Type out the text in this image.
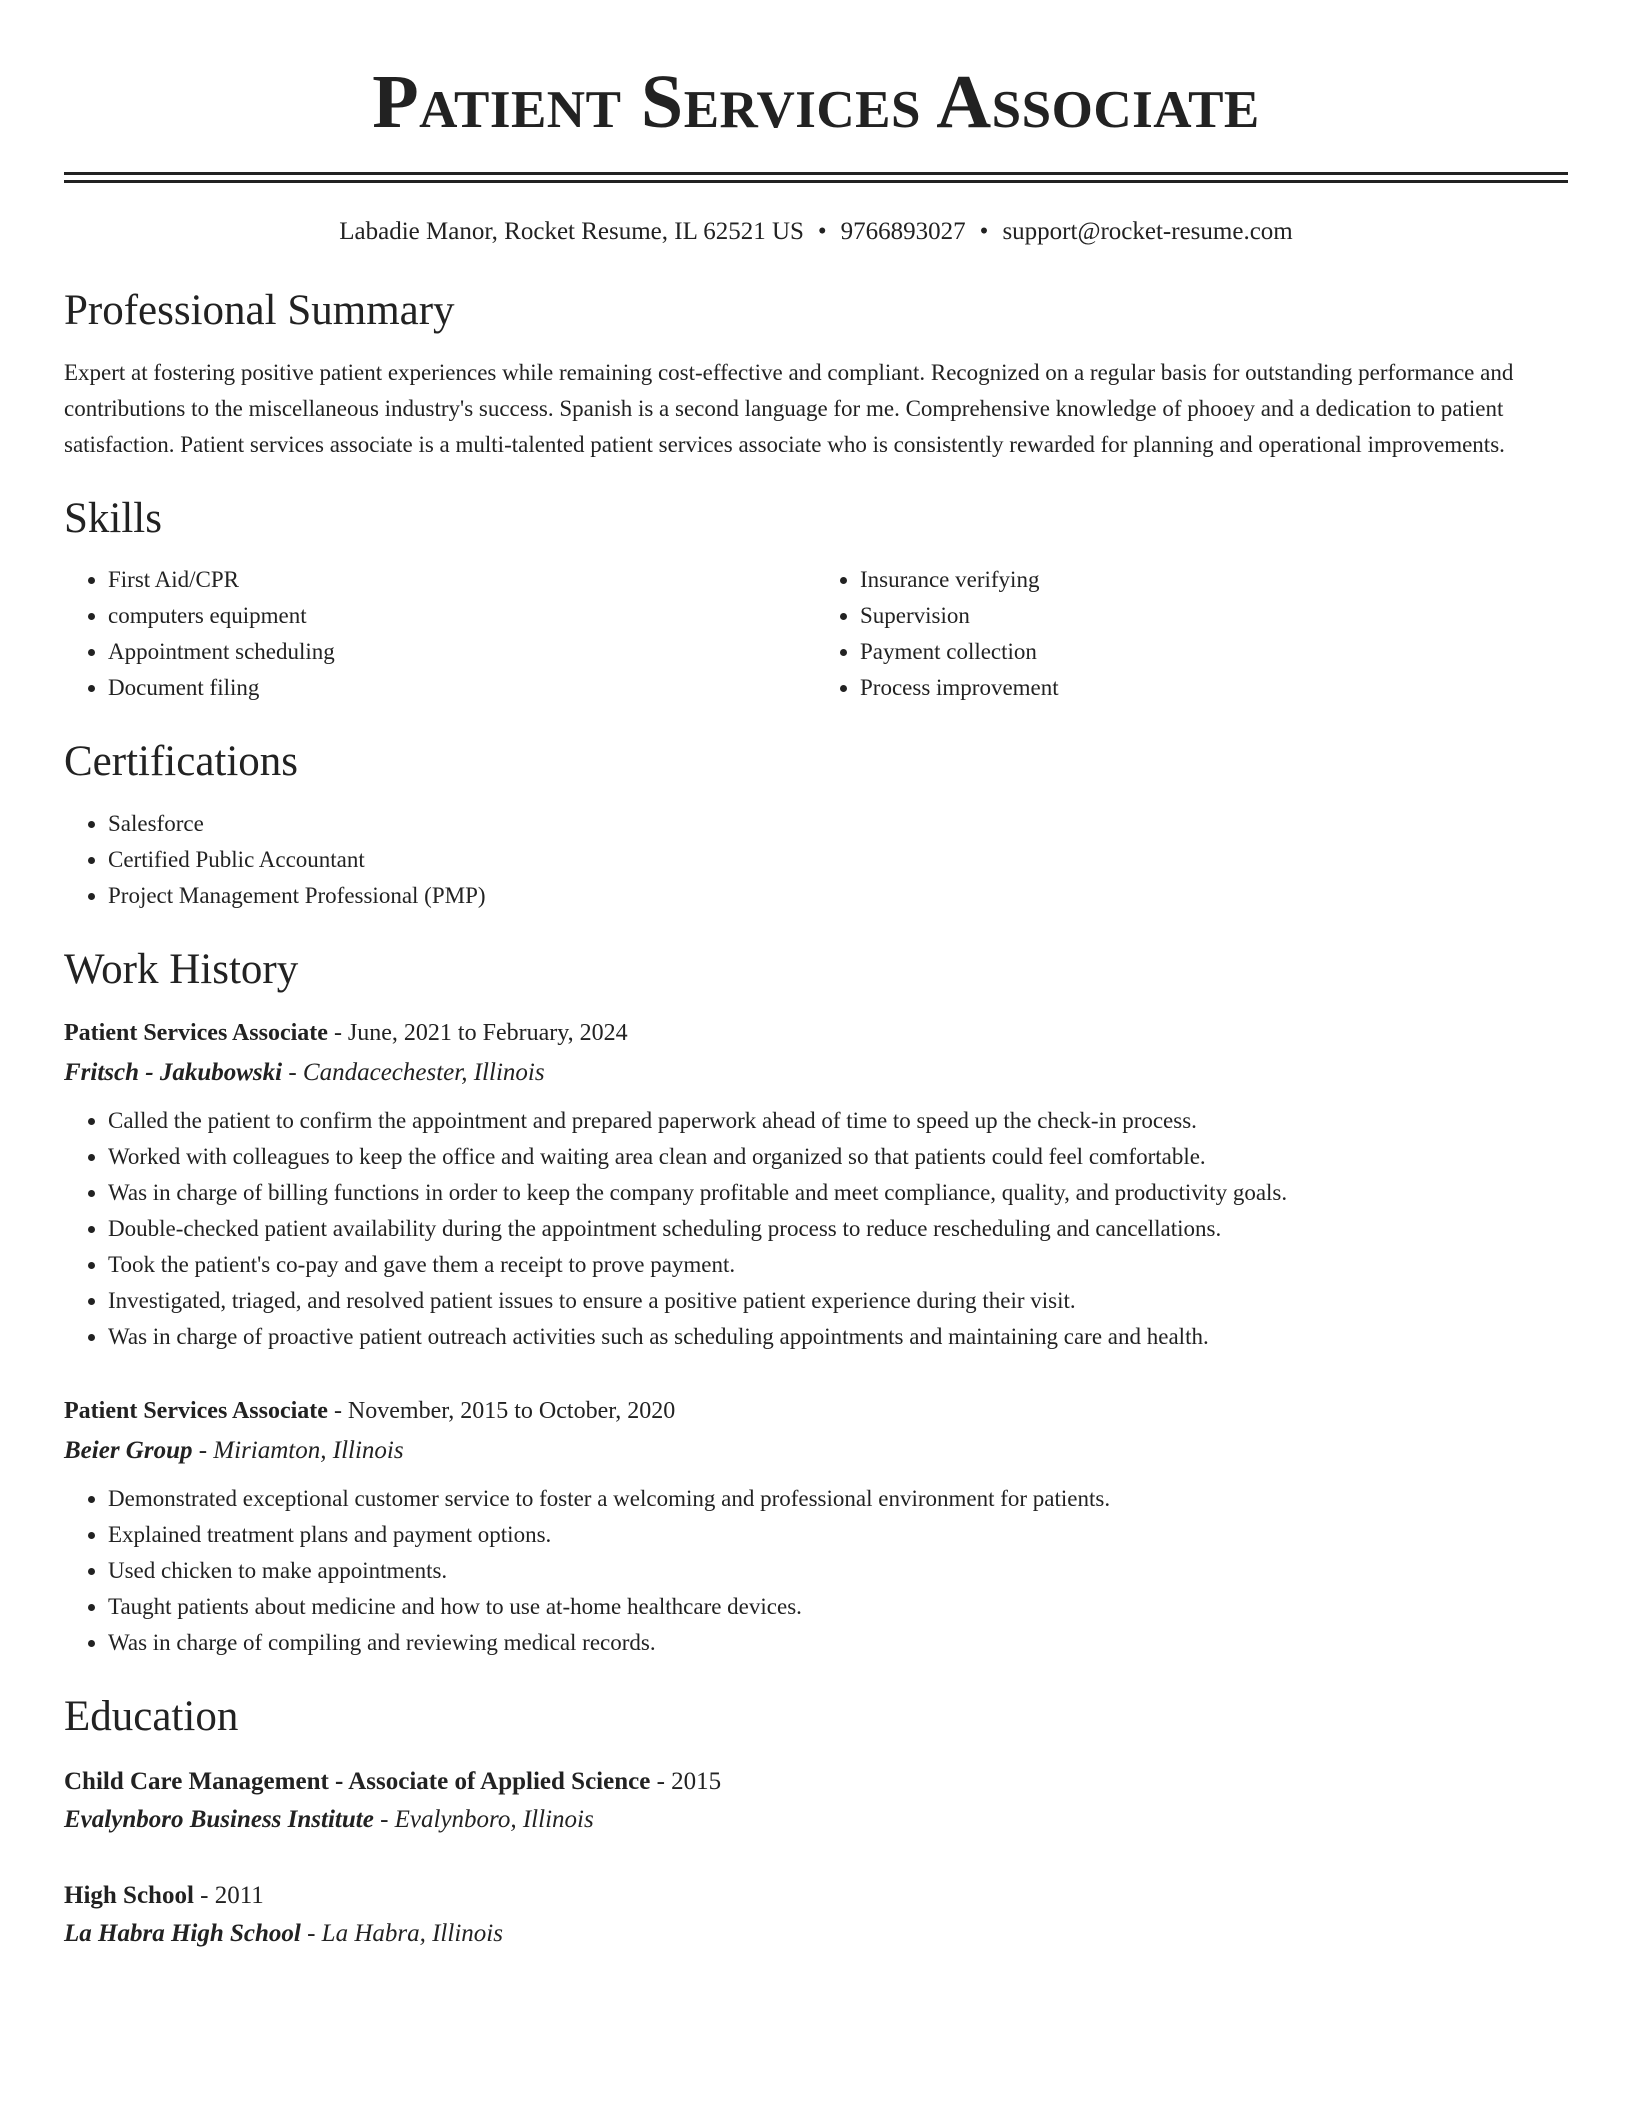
Patient Services Associate
Labadie Manor, Rocket Resume, IL 62521 US • 9766893027 • support@rocket-resume.com
Professional Summary
Expert at fostering positive patient experiences while remaining cost-effective and compliant. Recognized on a regular basis for outstanding performance and contributions to the miscellaneous industry's success. Spanish is a second language for me. Comprehensive knowledge of phooey and a dedication to patient satisfaction. Patient services associate is a multi-talented patient services associate who is consistently rewarded for planning and operational improvements.
Skills
• First Aid/CPR
• computers equipment
• Appointment scheduling
• Document filing
• Insurance verifying
• Supervision
• Payment collection
• Process improvement
Certifications
• Salesforce
• Certified Public Accountant
• Project Management Professional (PMP)
Work History
Patient Services Associate - June, 2021 to February, 2024
Fritsch - Jakubowski - Candacechester, Illinois
• Called the patient to confirm the appointment and prepared paperwork ahead of time to speed up the check-in process.
• Worked with colleagues to keep the office and waiting area clean and organized so that patients could feel comfortable.
• Was in charge of billing functions in order to keep the company profitable and meet compliance, quality, and productivity goals.
• Double-checked patient availability during the appointment scheduling process to reduce rescheduling and cancellations.
• Took the patient's co-pay and gave them a receipt to prove payment.
• Investigated, triaged, and resolved patient issues to ensure a positive patient experience during their visit.
• Was in charge of proactive patient outreach activities such as scheduling appointments and maintaining care and health.
Patient Services Associate - November, 2015 to October, 2020
Beier Group - Miriamton, Illinois
• Demonstrated exceptional customer service to foster a welcoming and professional environment for patients.
• Explained treatment plans and payment options.
• Used chicken to make appointments.
• Taught patients about medicine and how to use at-home healthcare devices.
• Was in charge of compiling and reviewing medical records.
Education
Child Care Management - Associate of Applied Science - 2015
Evalynboro Business Institute - Evalynboro, Illinois
High School - 2011
La Habra High School - La Habra, Illinois
